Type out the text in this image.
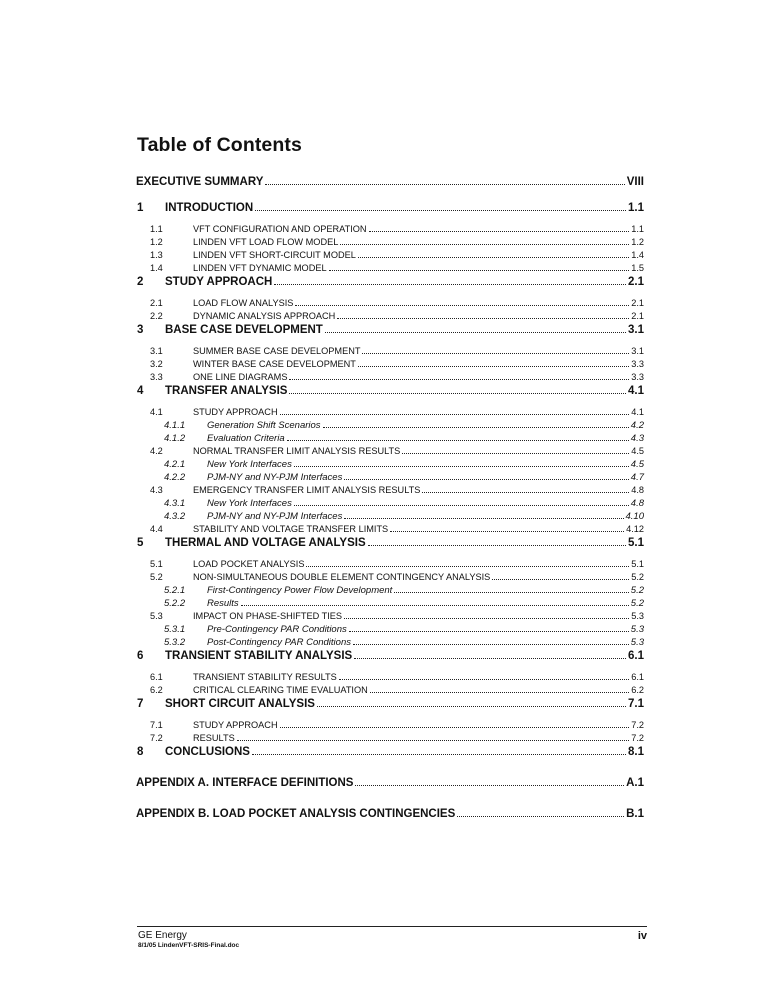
Table of Contents
EXECUTIVE SUMMARY	VIII
1	INTRODUCTION	1.1
1.1	VFT CONFIGURATION AND OPERATION	1.1
1.2	LINDEN VFT LOAD FLOW MODEL	1.2
1.3	LINDEN VFT SHORT-CIRCUIT MODEL	1.4
1.4	LINDEN VFT DYNAMIC MODEL	1.5
2	STUDY APPROACH	2.1
2.1	LOAD FLOW ANALYSIS	2.1
2.2	DYNAMIC ANALYSIS APPROACH	2.1
3	BASE CASE DEVELOPMENT	3.1
3.1	SUMMER BASE CASE DEVELOPMENT	3.1
3.2	WINTER BASE CASE DEVELOPMENT	3.3
3.3	ONE LINE DIAGRAMS	3.3
4	TRANSFER ANALYSIS	4.1
4.1	STUDY APPROACH	4.1
4.1.1	Generation Shift Scenarios	4.2
4.1.2	Evaluation Criteria	4.3
4.2	NORMAL TRANSFER LIMIT ANALYSIS RESULTS	4.5
4.2.1	New York Interfaces	4.5
4.2.2	PJM-NY and NY-PJM Interfaces	4.7
4.3	EMERGENCY TRANSFER LIMIT ANALYSIS RESULTS	4.8
4.3.1	New York Interfaces	4.8
4.3.2	PJM-NY and NY-PJM Interfaces	4.10
4.4	STABILITY AND VOLTAGE TRANSFER LIMITS	4.12
5	THERMAL AND VOLTAGE ANALYSIS	5.1
5.1	LOAD POCKET ANALYSIS	5.1
5.2	NON-SIMULTANEOUS DOUBLE ELEMENT CONTINGENCY ANALYSIS	5.2
5.2.1	First-Contingency Power Flow Development	5.2
5.2.2	Results	5.2
5.3	IMPACT ON PHASE-SHIFTED TIES	5.3
5.3.1	Pre-Contingency PAR Conditions	5.3
5.3.2	Post-Contingency PAR Conditions	5.3
6	TRANSIENT STABILITY ANALYSIS	6.1
6.1	TRANSIENT STABILITY RESULTS	6.1
6.2	CRITICAL CLEARING TIME EVALUATION	6.2
7	SHORT CIRCUIT ANALYSIS	7.1
7.1	STUDY APPROACH	7.2
7.2	RESULTS	7.2
8	CONCLUSIONS	8.1
APPENDIX A. INTERFACE DEFINITIONS	A.1
APPENDIX B. LOAD POCKET ANALYSIS CONTINGENCIES	B.1
GE Energy
8/1/05 LindenVFT-SRIS-Final.doc
iv
